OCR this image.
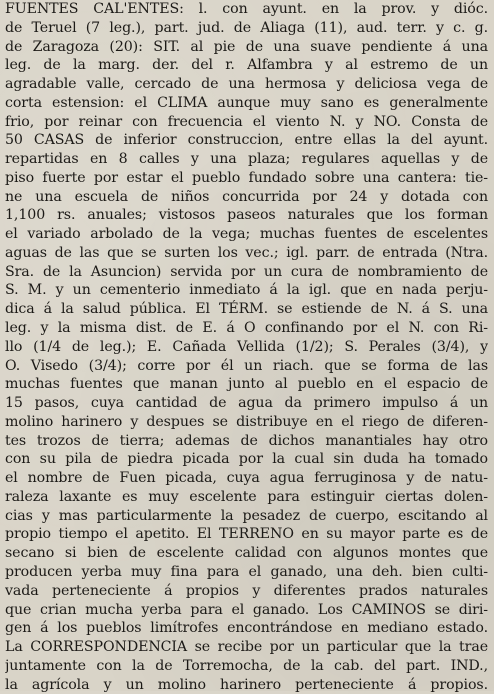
FUENTES CAL'ENTES: l. con ayunt. en la prov. y dióc.
de Teruel (7 leg.), part. jud. de Aliaga (11), aud. terr. y c. g.
de Zaragoza (20): SIT. al pie de una suave pendiente á una
leg. de la marg. der. del r. Alfambra y al estremo de un
agradable valle, cercado de una hermosa y deliciosa vega de
corta estension: el CLIMA aunque muy sano es generalmente
frio, por reinar con frecuencia el viento N. y NO. Consta de
50 CASAS de inferior construccion, entre ellas la del ayunt.
repartidas en 8 calles y una plaza; regulares aquellas y de
piso fuerte por estar el pueblo fundado sobre una cantera: tie-
ne una escuela de niños concurrida por 24 y dotada con
1,100 rs. anuales; vistosos paseos naturales que los forman
el variado arbolado de la vega; muchas fuentes de escelentes
aguas de las que se surten los vec.; igl. parr. de entrada (Ntra.
Sra. de la Asuncion) servida por un cura de nombramiento de
S. M. y un cementerio inmediato á la igl. que en nada perju-
dica á la salud pública. El TÉRM. se estiende de N. á S. una
leg. y la misma dist. de E. á O confinando por el N. con Ri-
llo (1/4 de leg.); E. Cañada Vellida (1/2); S. Perales (3/4), y
O. Visedo (3/4); corre por él un riach. que se forma de las
muchas fuentes que manan junto al pueblo en el espacio de
15 pasos, cuya cantidad de agua da primero impulso á un
molino harinero y despues se distribuye en el riego de diferen-
tes trozos de tierra; ademas de dichos manantiales hay otro
con su pila de piedra picada por la cual sin duda ha tomado
el nombre de Fuen picada, cuya agua ferruginosa y de natu-
raleza laxante es muy escelente para estinguir ciertas dolen-
cias y mas particularmente la pesadez de cuerpo, escitando al
propio tiempo el apetito. El TERRENO en su mayor parte es de
secano si bien de escelente calidad con algunos montes que
producen yerba muy fina para el ganado, una deh. bien culti-
vada perteneciente á propios y diferentes prados naturales
que crian mucha yerba para el ganado. Los CAMINOS se diri-
gen á los pueblos limítrofes encontrándose en mediano estado.
La CORRESPONDENCIA se recibe por un particular que la trae
juntamente con la de Torremocha, de la cab. del part. IND.,
la agrícola y un molino harinero perteneciente á propios.
